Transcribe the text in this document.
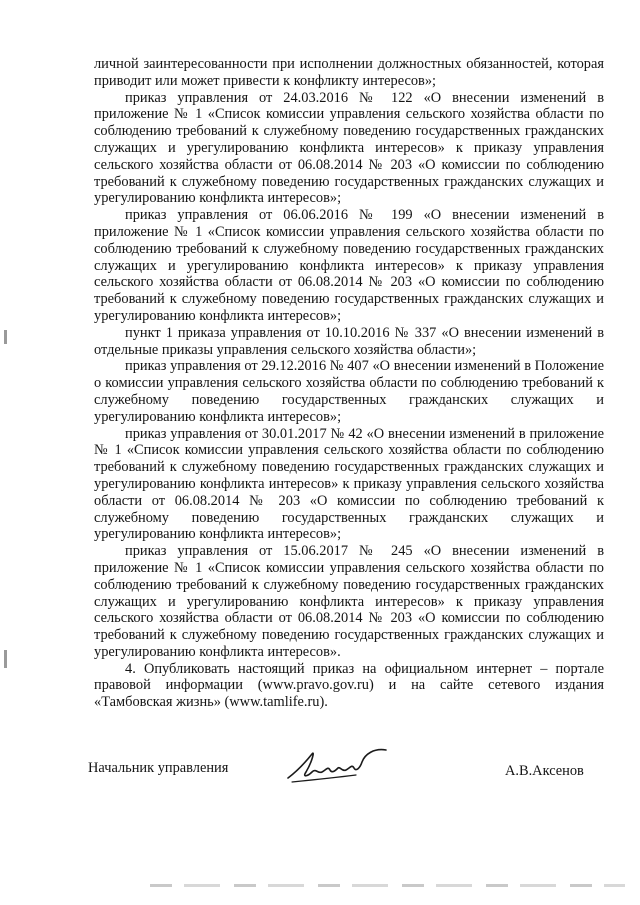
личной заинтересованности при исполнении должностных обязанностей, которая приводит или может привести к конфликту интересов»;

приказ управления от 24.03.2016 № 122 «О внесении изменений в приложение № 1 «Список комиссии управления сельского хозяйства области по соблюдению требований к служебному поведению государственных гражданских служащих и урегулированию конфликта интересов» к приказу управления сельского хозяйства области от 06.08.2014 № 203 «О комиссии по соблюдению требований к служебному поведению государственных гражданских служащих и урегулированию конфликта интересов»;

приказ управления от 06.06.2016 № 199 «О внесении изменений в приложение № 1 «Список комиссии управления сельского хозяйства области по соблюдению требований к служебному поведению государственных гражданских служащих и урегулированию конфликта интересов» к приказу управления сельского хозяйства области от 06.08.2014 № 203 «О комиссии по соблюдению требований к служебному поведению государственных гражданских служащих и урегулированию конфликта интересов»;

пункт 1 приказа управления от 10.10.2016 № 337 «О внесении изменений в отдельные приказы управления сельского хозяйства области»;

приказ управления от 29.12.2016 № 407 «О внесении изменений в Положение о комиссии управления сельского хозяйства области по соблюдению требований к служебному поведению государственных гражданских служащих и урегулированию конфликта интересов»;

приказ управления от 30.01.2017 № 42 «О внесении изменений в приложение № 1 «Список комиссии управления сельского хозяйства области по соблюдению требований к служебному поведению государственных гражданских служащих и урегулированию конфликта интересов» к приказу управления сельского хозяйства области от 06.08.2014 № 203 «О комиссии по соблюдению требований к служебному поведению государственных гражданских служащих и урегулированию конфликта интересов»;

приказ управления от 15.06.2017 № 245 «О внесении изменений в приложение № 1 «Список комиссии управления сельского хозяйства области по соблюдению требований к служебному поведению государственных гражданских служащих и урегулированию конфликта интересов» к приказу управления сельского хозяйства области от 06.08.2014 № 203 «О комиссии по соблюдению требований к служебному поведению государственных гражданских служащих и урегулированию конфликта интересов».

4. Опубликовать настоящий приказ на официальном интернет – портале правовой информации (www.pravo.gov.ru) и на сайте сетевого издания «Тамбовская жизнь» (www.tamlife.ru).

Начальник управления	А.В.Аксенов
